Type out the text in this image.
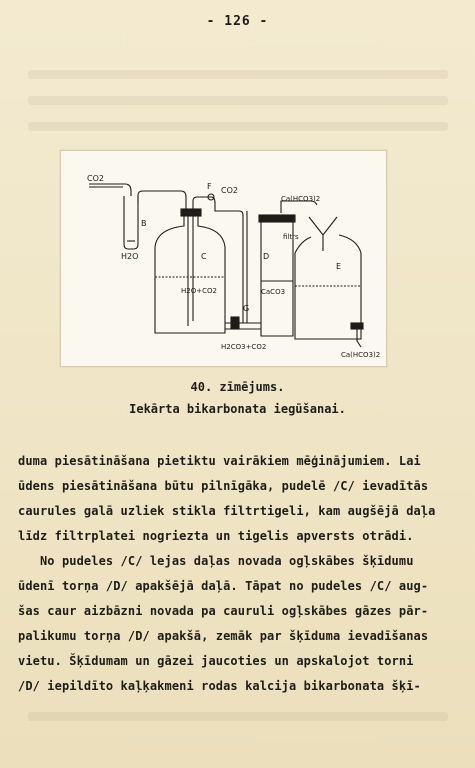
- 126 -
CO2
B
H2O
F CO2
C
H2O+CO2
G
H2CO3+CO2
D
CaCO3
filtrs
E
Ca(HCO3)2
Ca(HCO3)2
40. zīmējums.
Iekārta bikarbonata iegūšanai.
duma piesātināšana pietiktu vairākiem mēģinājumiem. Lai
ūdens piesātināšana būtu pilnīgāka, pudelē /C/ ievadītās
caurules galā uzliek stikla filtrtigeli, kam augšējā daļa
līdz filtrplatei nogriezta un tigelis apversts otrādi.
No pudeles /C/ lejas daļas novada ogļskābes šķīdumu
ūdenī torņa /D/ apakšējā daļā. Tāpat no pudeles /C/ aug-
šas caur aizbāzni novada pa cauruli ogļskābes gāzes pār-
palikumu torņa /D/ apakšā, zemāk par šķīduma ievadīšanas
vietu. Šķīdumam un gāzei jaucoties un apskalojot torni
/D/ iepildīto kaļķakmeni rodas kalcija bikarbonata šķī-
